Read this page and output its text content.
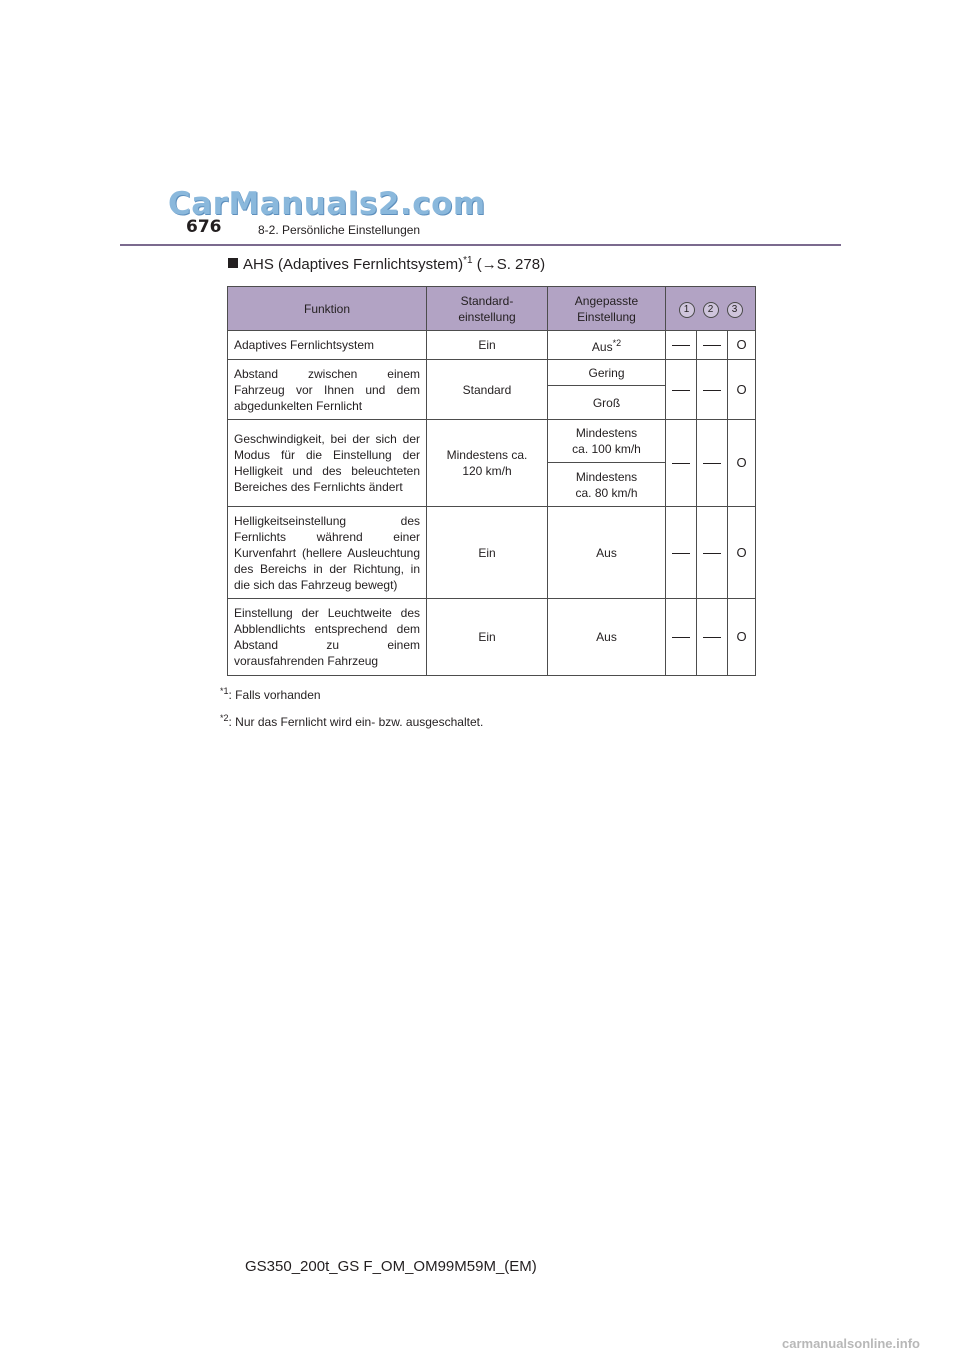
CarManuals2.com
676	8-2. Persönliche Einstellungen
AHS (Adaptives Fernlichtsystem)$^{*1}$ (→S. 278)
Funktion	Standard-einstellung	Angepasste Einstellung	1 2 3		
Adaptives Fernlichtsystem	Ein	Aus$^{*2}$			O
Abstand zwischen einem Fahrzeug vor Ihnen und dem abgedunkelten Fernlicht	Standard	Gering			O
		Groß			
Geschwindigkeit, bei der sich der Modus für die Einstellung der Helligkeit und des beleuchteten Bereiches des Fernlichts ändert	Mindestens ca. 120 km/h	Mindestens ca. 100 km/h			O
		Mindestens ca. 80 km/h			
Helligkeitseinstellung des Fernlichts während einer Kurvenfahrt (hellere Ausleuchtung des Bereichs in der Richtung, in die sich das Fahrzeug bewegt)	Ein	Aus			O
Einstellung der Leuchtweite des Abblendlichts entsprechend dem Abstand zu einem vorausfahrenden Fahrzeug	Ein	Aus			O
$^{*1}$: Falls vorhanden
$^{*2}$: Nur das Fernlicht wird ein- bzw. ausgeschaltet.
GS350_200t_GS F_OM_OM99M59M_(EM)
carmanualsonline.info
